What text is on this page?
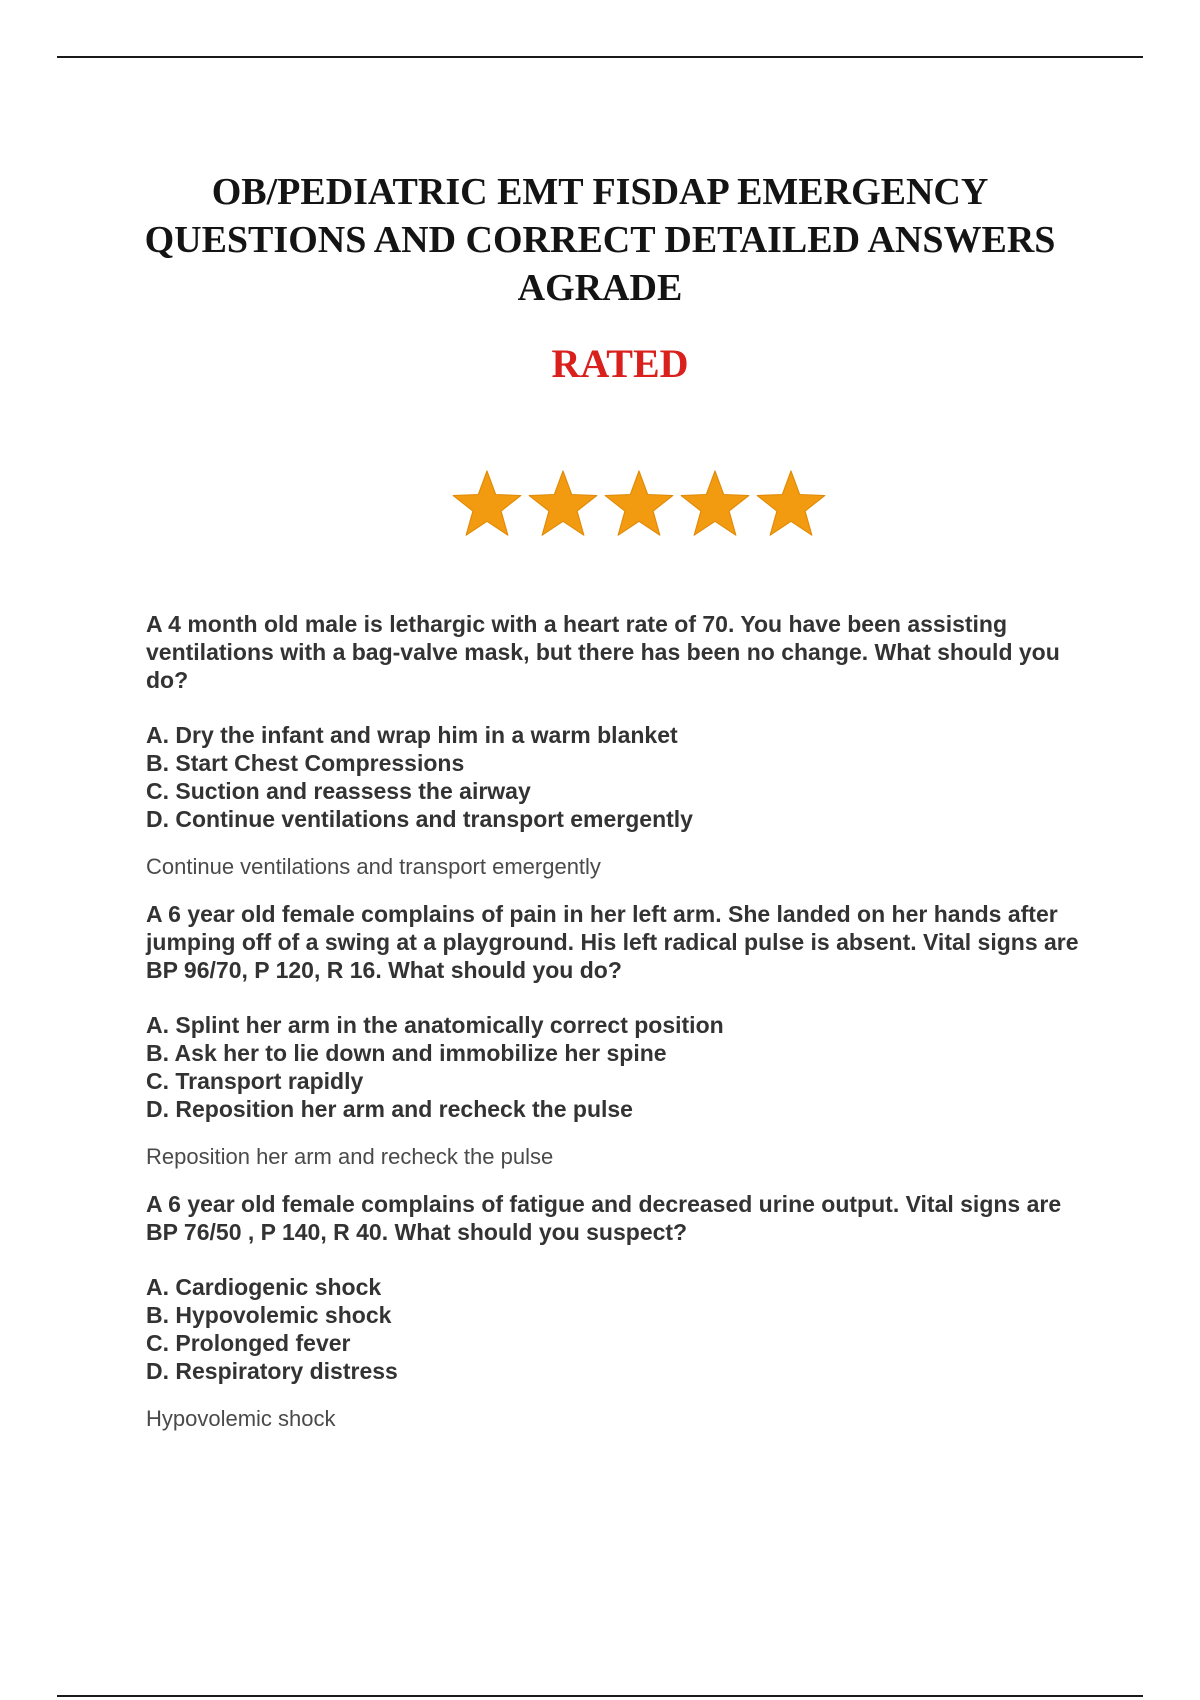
OB/PEDIATRIC EMT FISDAP EMERGENCY
QUESTIONS AND CORRECT DETAILED ANSWERS
AGRADE
RATED

A 4 month old male is lethargic with a heart rate of 70. You have been assisting ventilations with a bag-valve mask, but there has been no change. What should you do?

A. Dry the infant and wrap him in a warm blanket
B. Start Chest Compressions
C. Suction and reassess the airway
D. Continue ventilations and transport emergently

Continue ventilations and transport emergently

A 6 year old female complains of pain in her left arm. She landed on her hands after jumping off of a swing at a playground. His left radical pulse is absent. Vital signs are BP 96/70, P 120, R 16. What should you do?

A. Splint her arm in the anatomically correct position
B. Ask her to lie down and immobilize her spine
C. Transport rapidly
D. Reposition her arm and recheck the pulse

Reposition her arm and recheck the pulse

A 6 year old female complains of fatigue and decreased urine output. Vital signs are BP 76/50 , P 140, R 40. What should you suspect?

A. Cardiogenic shock
B. Hypovolemic shock
C. Prolonged fever
D. Respiratory distress

Hypovolemic shock
